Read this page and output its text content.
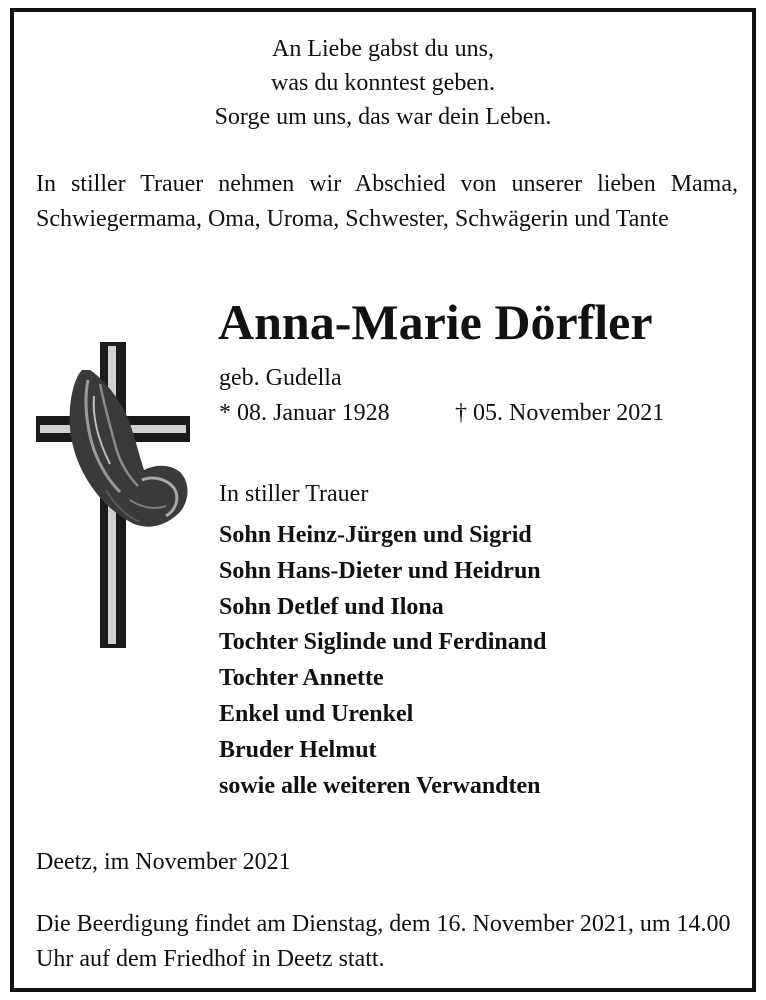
An Liebe gabst du uns,
was du konntest geben.
Sorge um uns, das war dein Leben.
In stiller Trauer nehmen wir Abschied von unserer lieben Mama, Schwiegermama, Oma, Uroma, Schwester, Schwägerin und Tante
Anna-Marie Dörfler
geb. Gudella
* 08. Januar 1928	† 05. November 2021
In stiller Trauer
Sohn Heinz-Jürgen und Sigrid
Sohn Hans-Dieter und Heidrun
Sohn Detlef und Ilona
Tochter Siglinde und Ferdinand
Tochter Annette
Enkel und Urenkel
Bruder Helmut
sowie alle weiteren Verwandten
Deetz, im November 2021
Die Beerdigung findet am Dienstag, dem 16. November 2021, um 14.00 Uhr auf dem Friedhof in Deetz statt.
